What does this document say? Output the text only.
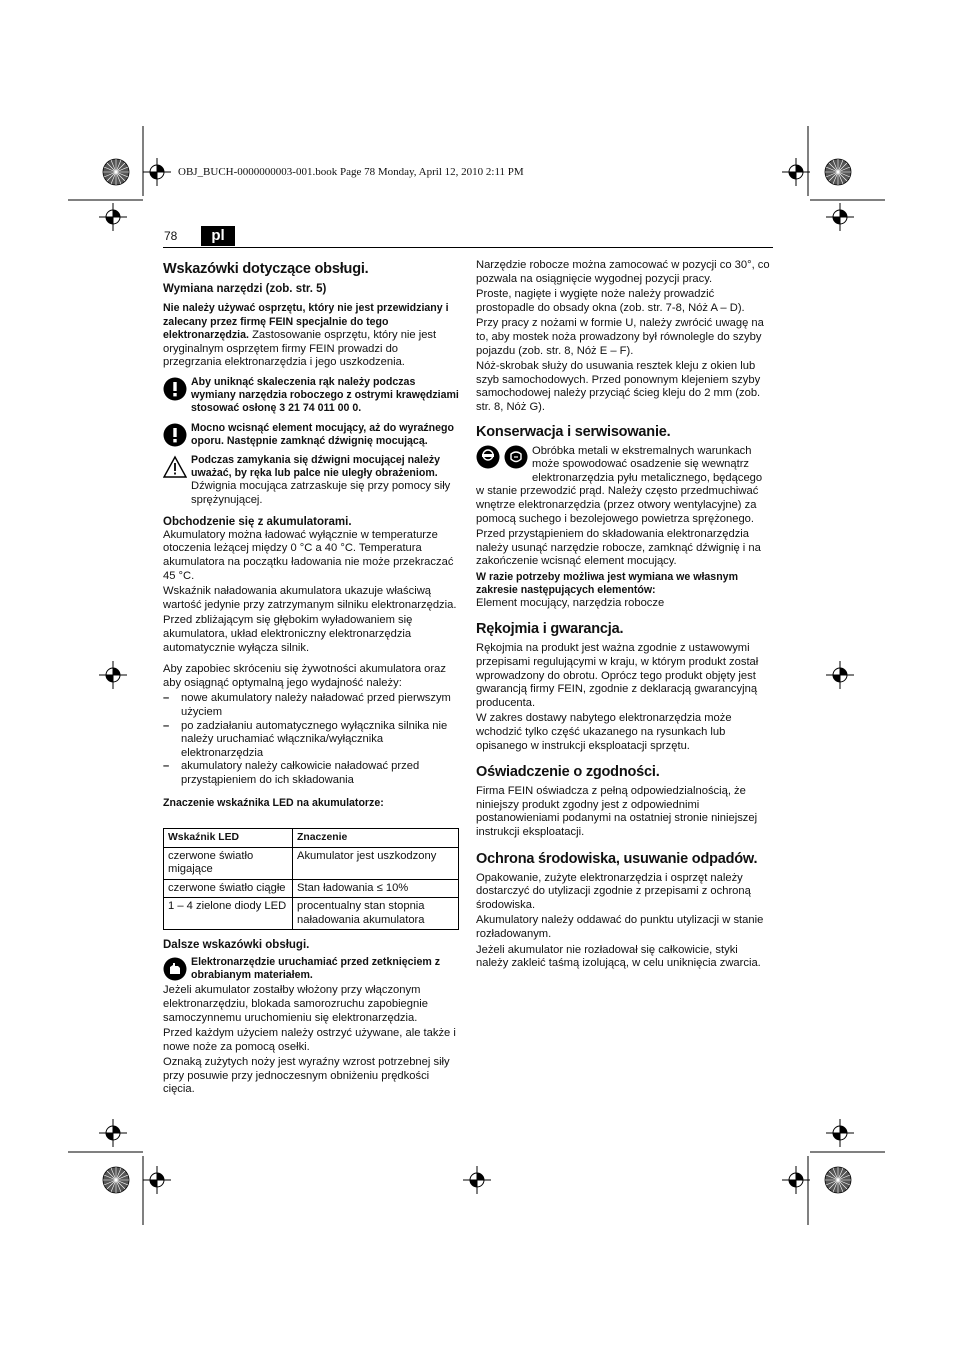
OBJ_BUCH-0000000003-001.book Page 78 Monday, April 12, 2010 2:11 PM
78	pl
Wskazówki dotyczące obsługi.
Wymiana narzędzi (zob. str. 5)

Nie należy używać osprzętu, który nie jest przewidziany i zalecany przez firmę FEIN specjalnie do tego elektronarzędzia. Zastosowanie osprzętu, który nie jest oryginalnym osprzętem firmy FEIN prowadzi do przegrzania elektronarzędzia i jego uszkodzenia.

Aby uniknąć skaleczenia rąk należy podczas wymiany narzędzia roboczego z ostrymi krawędziami stosować osłonę 3 21 74 011 00 0.
Mocno wcisnąć element mocujący, aż do wyraźnego oporu. Następnie zamknąć dźwignię mocującą.
Podczas zamykania się dźwigni mocującej należy uważać, by ręka lub palce nie uległy obrażeniom. Dźwignia mocująca zatrzaskuje się przy pomocy siły sprężynującej.
Obchodzenie się z akumulatorami.

Akumulatory można ładować wyłącznie w temperaturze otoczenia leżącej między 0 °C a 40 °C. Temperatura akumulatora na początku ładowania nie może przekraczać 45 °C.

Wskaźnik naładowania akumulatora ukazuje właściwą wartość jedynie przy zatrzymanym silniku elektronarzędzia.

Przed zbliżającym się głębokim wyładowaniem się akumulatora, układ elektroniczny elektronarzędzia automatycznie wyłącza silnik.

Aby zapobiec skróceniu się żywotności akumulatora oraz aby osiągnąć optymalną jego wydajność należy:

– nowe akumulatory należy naładować przed pierwszym użyciem
– po zadziałaniu automatycznego wyłącznika silnika nie należy uruchamiać włącznika/wyłącznika elektronarzędzia
– akumulatory należy całkowicie naładować przed przystąpieniem do ich składowania
Znaczenie wskaźnika LED na akumulatorze:
Wskaźnik LED	Znaczenie
czerwone światło migające	Akumulator jest uszkodzony
czerwone światło ciągłe	Stan ładowania ≤ 10%
1 – 4 zielone diody LED	procentualny stan stopnia naładowania akumulatora
Dalsze wskazówki obsługi.
Elektronarzędzie uruchamiać przed zetknięciem z obrabianym materiałem.

Jeżeli akumulator zostałby włożony przy włączonym elektronarzędziu, blokada samorozruchu zapobiegnie samoczynnemu uruchomieniu się elektronarzędzia.

Przed każdym użyciem należy ostrzyć używane, ale także i nowe noże za pomocą osełki.

Oznaką zużytych noży jest wyraźny wzrost potrzebnej siły przy posuwie przy jednoczesnym obniżeniu prędkości cięcia.

Narzędzie robocze można zamocować w pozycji co 30°, co pozwala na osiągnięcie wygodnej pozycji pracy.

Proste, nagięte i wygięte noże należy prowadzić prostopadle do obsady okna (zob. str. 7-8, Nóż A – D).

Przy pracy z nożami w formie U, należy zwrócić uwagę na to, aby mostek noża prowadzony był równolegle do szyby pojazdu (zob. str. 8, Nóż E – F).

Nóż-skrobak służy do usuwania resztek kleju z okien lub szyb samochodowych. Przed ponownym klejeniem szyby samochodowej należy przyciąć ścieg kleju do 2 mm (zob. str. 8, Nóż G).

Konserwacja i serwisowanie.

Obróbka metali w ekstremalnych warunkach może spowodować osadzenie się wewnątrz elektronarzędzia pyłu metalicznego, będącego

w stanie przewodzić prąd. Należy często przedmuchiwać wnętrze elektronarzędzia (przez otwory wentylacyjne) za pomocą suchego i bezolejowego powietrza sprężonego.

Przed przystąpieniem do składowania elektronarzędzia należy usunąć narzędzie robocze, zamknąć dźwignię i na zakończenie wcisnąć element mocujący.

W razie potrzeby możliwa jest wymiana we własnym zakresie następujących elementów:

Element mocujący, narzędzia robocze

Rękojmia i gwarancja.

Rękojmia na produkt jest ważna zgodnie z ustawowymi przepisami regulującymi w kraju, w którym produkt został wprowadzony do obrotu. Oprócz tego produkt objęty jest gwarancją firmy FEIN, zgodnie z deklaracją gwarancyjną producenta.

W zakres dostawy nabytego elektronarzędzia może wchodzić tylko część ukazanego na rysunkach lub opisanego w instrukcji eksploatacji sprzętu.

Oświadczenie o zgodności.

Firma FEIN oświadcza z pełną odpowiedzialnością, że niniejszy produkt zgodny jest z odpowiednimi postanowieniami podanymi na ostatniej stronie niniejszej instrukcji eksploatacji.

Ochrona środowiska, usuwanie odpadów.

Opakowanie, zużyte elektronarzędzia i osprzęt należy dostarczyć do utylizacji zgodnie z przepisami z ochroną środowiska.

Akumulatory należy oddawać do punktu utylizacji w stanie rozładowanym.

Jeżeli akumulator nie rozładował się całkowicie, styki należy zakleić taśmą izolującą, w celu uniknięcia zwarcia.
